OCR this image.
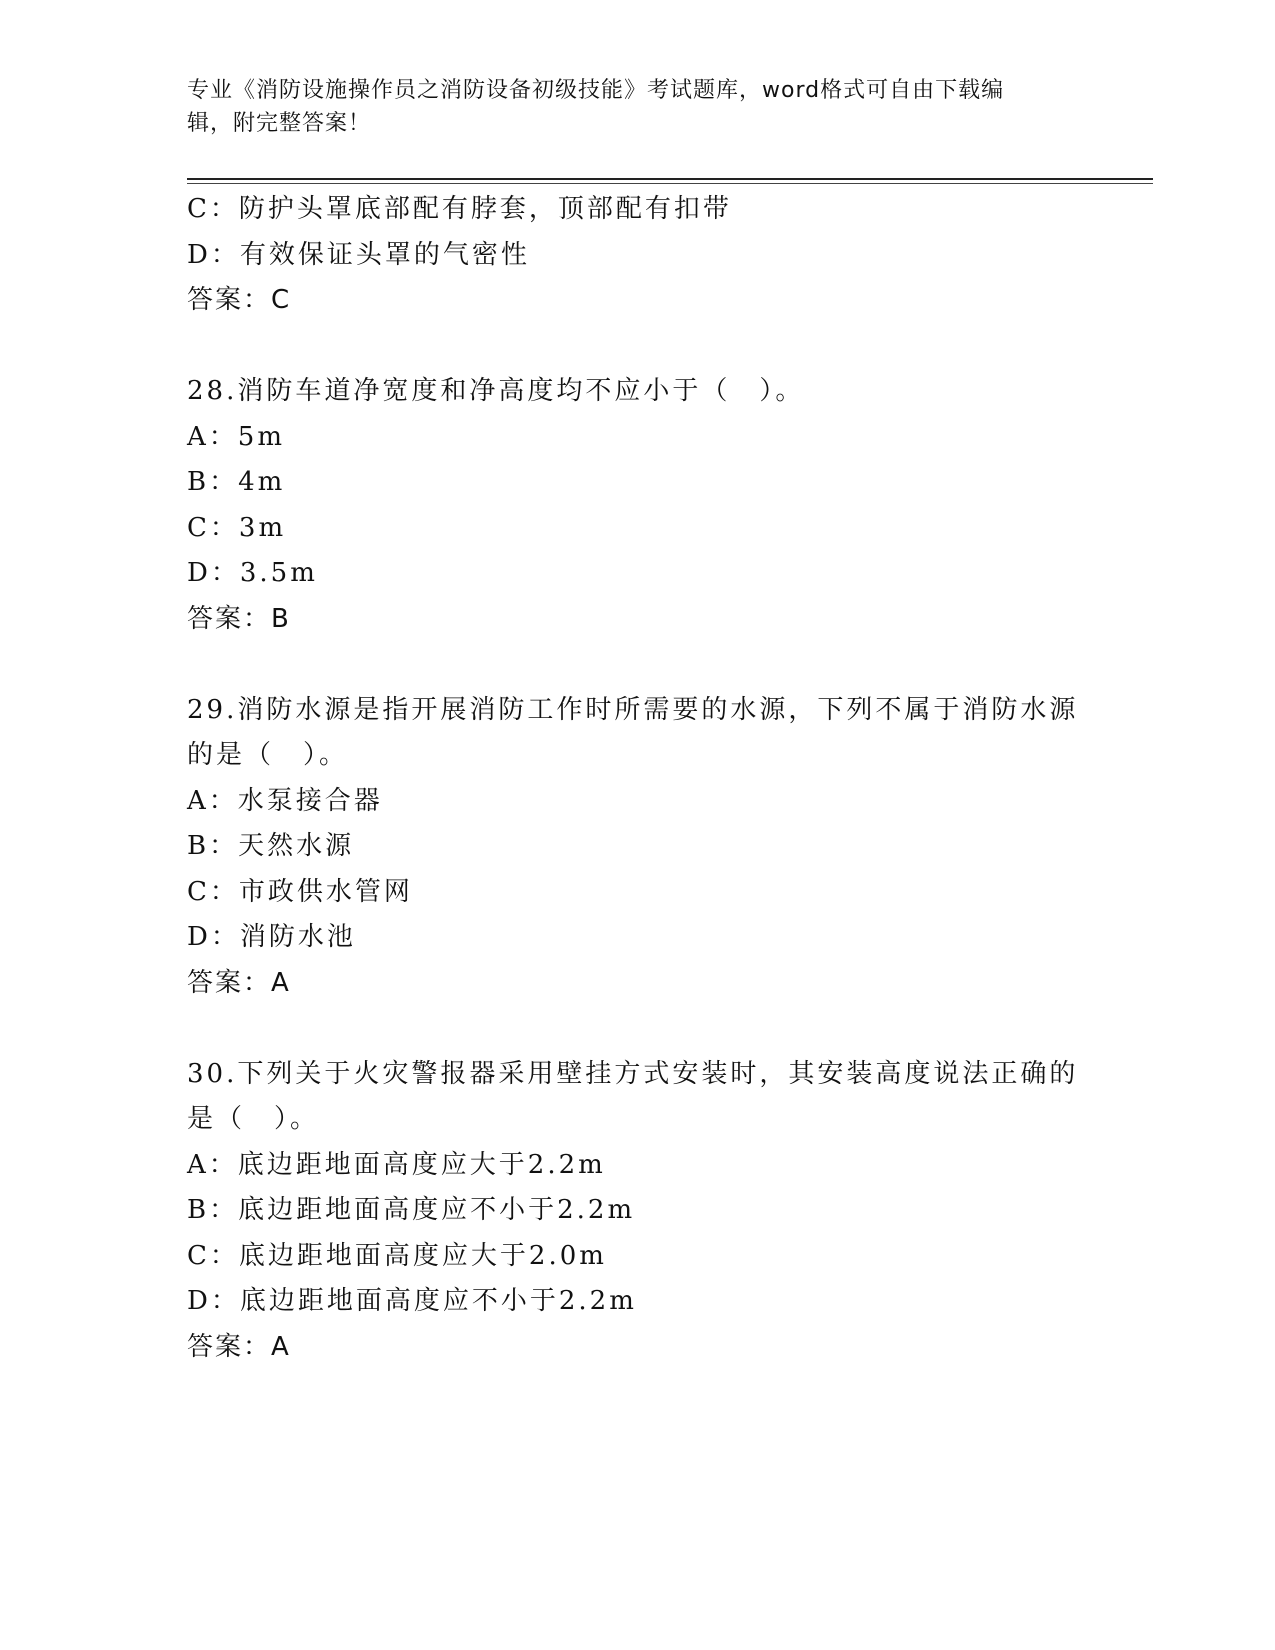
专业《消防设施操作员之消防设备初级技能》考试题库，word格式可自由下载编
辑，附完整答案！
C：防护头罩底部配有脖套，顶部配有扣带
D：有效保证头罩的气密性
答案：C
28.消防车道净宽度和净高度均不应小于（　）。
A：5m
B：4m
C：3m
D：3.5m
答案：B
29.消防水源是指开展消防工作时所需要的水源，下列不属于消防水源
的是（　）。
A：水泵接合器
B：天然水源
C：市政供水管网
D：消防水池
答案：A
30.下列关于火灾警报器采用壁挂方式安装时，其安装高度说法正确的
是（　）。
A：底边距地面高度应大于2.2m
B：底边距地面高度应不小于2.2m
C：底边距地面高度应大于2.0m
D：底边距地面高度应不小于2.2m
答案：A
